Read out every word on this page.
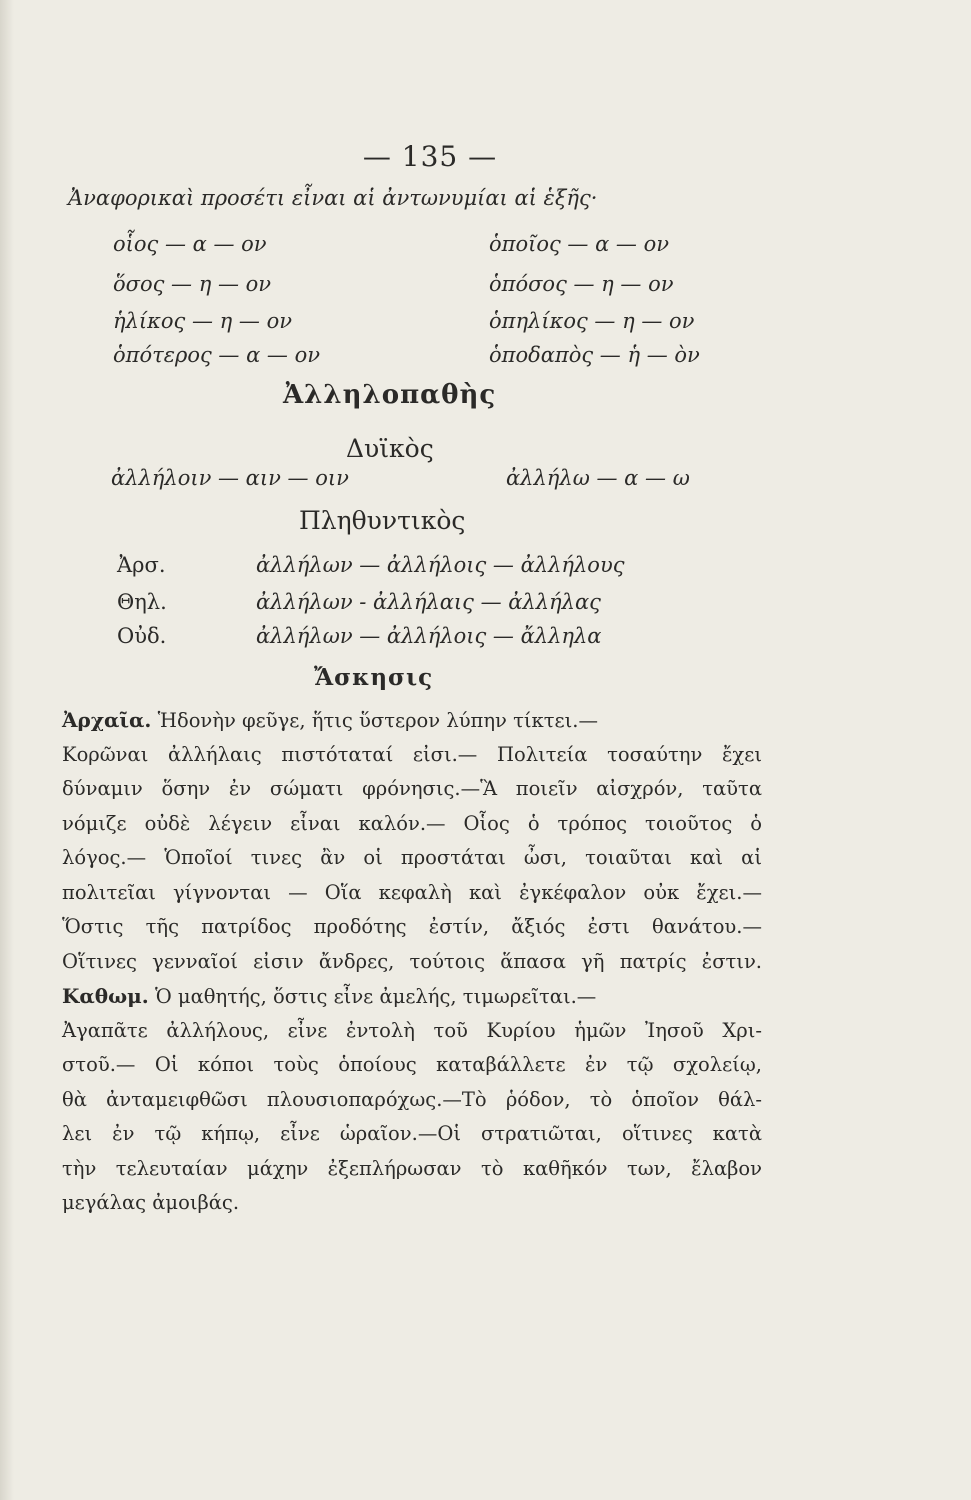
— 135 —
Ἀναφορικαὶ προσέτι εἶναι αἱ ἀντωνυμίαι αἱ ἑξῆς·
οἷος — α — ον	ὁποῖος — α — ον
ὅσος — η — ον	ὁπόσος — η — ον
ἡλίκος — η — ον	ὁπηλίκος — η — ον
ὁπότερος — α — ον	ὁποδαπὸς — ἡ — ὸν
Ἀλληλοπαθὴς
Δυϊκὸς
ἀλλήλοιν — αιν — οιν	ἀλλήλω — α — ω
Πληθυντικὸς
Ἀρσ.	ἀλλήλων — ἀλλήλοις — ἀλλήλους
Θηλ.	ἀλλήλων - ἀλλήλαις — ἀλλήλας
Οὐδ.	ἀλλήλων — ἀλλήλοις — ἄλληλα
Ἄσκησις
Ἀρχαῖα. Ἡδονὴν φεῦγε, ἥτις ὕστερον λύπην τίκτει.—
Κορῶναι ἀλλήλαις πιστόταταί εἰσι.— Πολιτεία τοσαύτην ἔχει
δύναμιν ὅσην ἐν σώματι φρόνησις.—Ἃ ποιεῖν αἰσχρόν, ταῦτα
νόμιζε οὐδὲ λέγειν εἶναι καλόν.— Οἷος ὁ τρόπος τοιοῦτος ὁ
λόγος.— Ὁποῖοί τινες ἂν οἱ προστάται ὦσι, τοιαῦται καὶ αἱ
πολιτεῖαι γίγνονται — Οἵα κεφαλὴ καὶ ἐγκέφαλον οὐκ ἔχει.—
Ὅστις τῆς πατρίδος προδότης ἐστίν, ἄξιός ἐστι θανάτου.—
Οἵτινες γενναῖοί εἰσιν ἄνδρες, τούτοις ἅπασα γῆ πατρίς ἐστιν.
Καθωμ. Ὁ μαθητής, ὅστις εἶνε ἀμελής, τιμωρεῖται.—
Ἀγαπᾶτε ἀλλήλους, εἶνε ἐντολὴ τοῦ Κυρίου ἡμῶν Ἰησοῦ Χρι-
στοῦ.— Οἱ κόποι τοὺς ὁποίους καταβάλλετε ἐν τῷ σχολείῳ,
θὰ ἀνταμειφθῶσι πλουσιοπαρόχως.—Τὸ ῥόδον, τὸ ὁποῖον θάλ-
λει ἐν τῷ κήπῳ, εἶνε ὡραῖον.—Οἱ στρατιῶται, οἵτινες κατὰ
τὴν τελευταίαν μάχην ἐξεπλήρωσαν τὸ καθῆκόν των, ἔλαβον
μεγάλας ἀμοιβάς.
